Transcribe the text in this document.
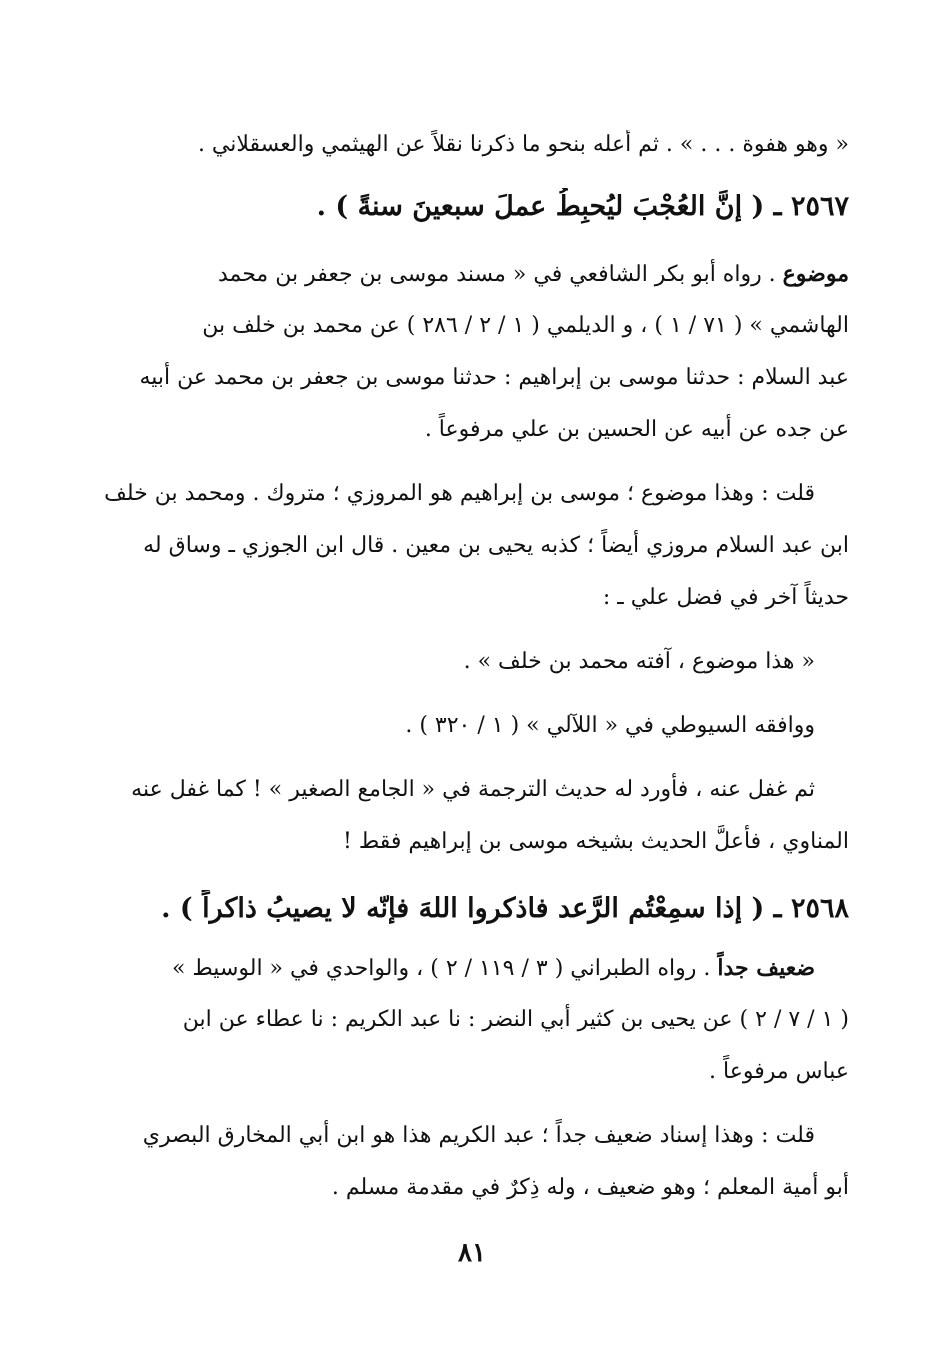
« وهو هفوة . . . » . ثم أعله بنحو ما ذكرنا نقلاً عن الهيثمي والعسقلاني .
٢٥٦٧ ـ ( إنَّ العُجْبَ ليُحبِطُ عملَ سبعينَ سنةً ) .
موضوع . رواه أبو بكر الشافعي في « مسند موسى بن جعفر بن محمد
الهاشمي » ( ٧١ / ١ ) ، و الديلمي ( ١ / ٢ / ٢٨٦ ) عن محمد بن خلف بن
عبد السلام : حدثنا موسى بن إبراهيم : حدثنا موسى بن جعفر بن محمد عن أبيه
عن جده عن أبيه عن الحسين بن علي مرفوعاً .
قلت : وهذا موضوع ؛ موسى بن إبراهيم هو المروزي ؛ متروك . ومحمد بن خلف
ابن عبد السلام مروزي أيضاً ؛ كذبه يحيى بن معين . قال ابن الجوزي ـ وساق له
حديثاً آخر في فضل علي ـ :
« هذا موضوع ، آفته محمد بن خلف » .
ووافقه السيوطي في « اللآلي » ( ١ / ٣٢٠ ) .
ثم غفل عنه ، فأورد له حديث الترجمة في « الجامع الصغير » ! كما غفل عنه
المناوي ، فأعلَّ الحديث بشيخه موسى بن إبراهيم فقط !
٢٥٦٨ ـ ( إذا سمِعْتُم الرَّعد فاذكروا اللهَ فإنّه لا يصيبُ ذاكراً ) .
ضعيف جداً . رواه الطبراني ( ٣ / ١١٩ / ٢ ) ، والواحدي في « الوسيط »
( ١ / ٧ / ٢ ) عن يحيى بن كثير أبي النضر : نا عبد الكريم : نا عطاء عن ابن
عباس مرفوعاً .
قلت : وهذا إسناد ضعيف جداً ؛ عبد الكريم هذا هو ابن أبي المخارق البصري
أبو أمية المعلم ؛ وهو ضعيف ، وله ذِكرٌ في مقدمة مسلم .
٨١
